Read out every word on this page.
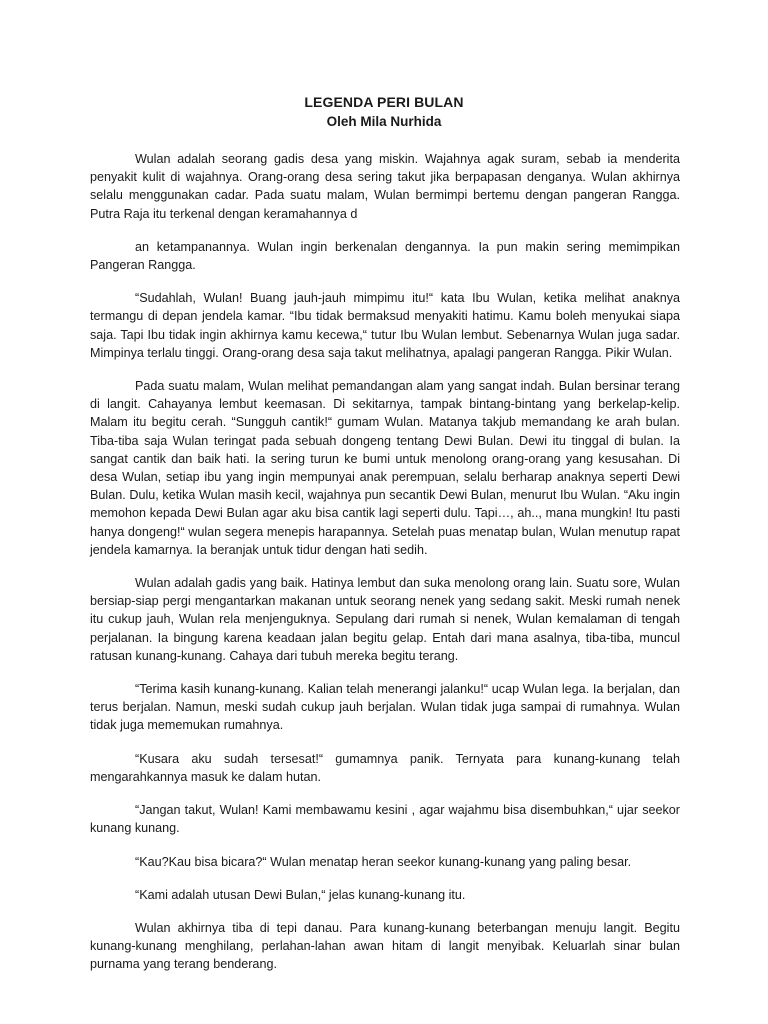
LEGENDA PERI BULAN

Oleh Mila Nurhida

Wulan adalah seorang gadis desa yang miskin. Wajahnya agak suram, sebab ia menderita penyakit kulit di wajahnya. Orang-orang desa sering takut jika berpapasan denganya. Wulan akhirnya selalu menggunakan cadar. Pada suatu malam, Wulan bermimpi bertemu dengan pangeran Rangga. Putra Raja itu terkenal dengan keramahannya d

an ketampanannya. Wulan ingin berkenalan dengannya. Ia pun makin sering memimpikan Pangeran Rangga.

“Sudahlah, Wulan! Buang jauh-jauh mimpimu itu!“ kata Ibu Wulan, ketika melihat anaknya termangu di depan jendela kamar. “Ibu tidak bermaksud menyakiti hatimu. Kamu boleh menyukai siapa saja. Tapi Ibu tidak ingin akhirnya kamu kecewa,“ tutur Ibu Wulan lembut. Sebenarnya Wulan juga sadar. Mimpinya terlalu tinggi. Orang-orang desa saja takut melihatnya, apalagi pangeran Rangga. Pikir Wulan.

Pada suatu malam, Wulan melihat pemandangan alam yang sangat indah. Bulan bersinar terang di langit. Cahayanya lembut keemasan. Di sekitarnya, tampak bintang-bintang yang berkelap-kelip. Malam itu begitu cerah. “Sungguh cantik!“ gumam Wulan. Matanya takjub memandang ke arah bulan. Tiba-tiba saja Wulan teringat pada sebuah dongeng tentang Dewi Bulan. Dewi itu tinggal di bulan. Ia sangat cantik dan baik hati. Ia sering turun ke bumi untuk menolong orang-orang yang kesusahan. Di desa Wulan, setiap ibu yang ingin mempunyai anak perempuan, selalu berharap anaknya seperti Dewi Bulan. Dulu, ketika Wulan masih kecil, wajahnya pun secantik Dewi Bulan, menurut Ibu Wulan. “Aku ingin memohon kepada Dewi Bulan agar aku bisa cantik lagi seperti dulu. Tapi…, ah.., mana mungkin! Itu pasti hanya dongeng!“ wulan segera menepis harapannya. Setelah puas menatap bulan, Wulan menutup rapat jendela kamarnya. Ia beranjak untuk tidur dengan hati sedih.

Wulan adalah gadis yang baik. Hatinya lembut dan suka menolong orang lain. Suatu sore, Wulan bersiap-siap pergi mengantarkan makanan untuk seorang nenek yang sedang sakit. Meski rumah nenek itu cukup jauh, Wulan rela menjenguknya. Sepulang dari rumah si nenek, Wulan kemalaman di tengah perjalanan. Ia bingung karena keadaan jalan begitu gelap. Entah dari mana asalnya, tiba-tiba, muncul ratusan kunang-kunang. Cahaya dari tubuh mereka begitu terang.

“Terima kasih kunang-kunang. Kalian telah menerangi jalanku!“ ucap Wulan lega. Ia berjalan, dan terus berjalan. Namun, meski sudah cukup jauh berjalan. Wulan tidak juga sampai di rumahnya. Wulan tidak juga mememukan rumahnya.

“Kusara aku sudah tersesat!“ gumamnya panik. Ternyata para kunang-kunang telah mengarahkannya masuk ke dalam hutan.

“Jangan takut, Wulan! Kami membawamu kesini , agar wajahmu bisa disembuhkan,“ ujar seekor kunang kunang.

“Kau?Kau bisa bicara?“ Wulan menatap heran seekor kunang-kunang yang paling besar.

“Kami adalah utusan Dewi Bulan,“ jelas kunang-kunang itu.

Wulan akhirnya tiba di tepi danau. Para kunang-kunang beterbangan menuju langit. Begitu kunang-kunang menghilang, perlahan-lahan awan hitam di langit menyibak. Keluarlah sinar bulan purnama yang terang benderang.
